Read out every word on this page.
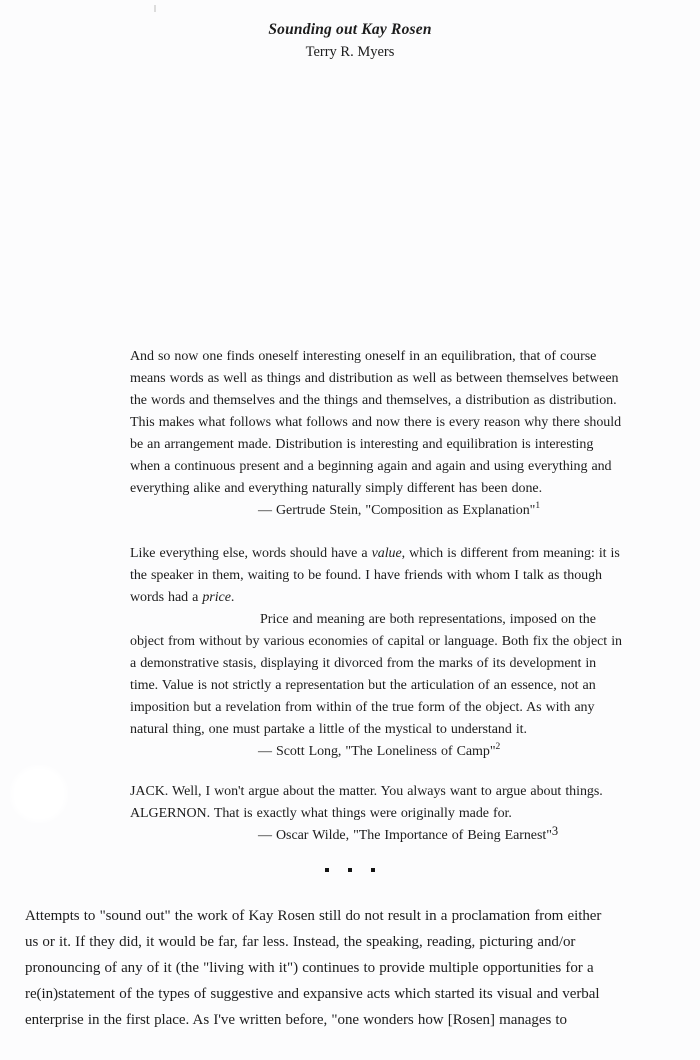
Sounding out Kay Rosen
Terry R. Myers
And so now one finds oneself interesting oneself in an equilibration, that of course
means words as well as things and distribution as well as between themselves between
the words and themselves and the things and themselves, a distribution as distribution.
This makes what follows what follows and now there is every reason why there should
be an arrangement made. Distribution is interesting and equilibration is interesting
when a continuous present and a beginning again and again and using everything and
everything alike and everything naturally simply different has been done.
— Gertrude Stein, "Composition as Explanation"$^1$
Like everything else, words should have a value, which is different from meaning: it is
the speaker in them, waiting to be found. I have friends with whom I talk as though
words had a price.
Price and meaning are both representations, imposed on the
object from without by various economies of capital or language. Both fix the object in
a demonstrative stasis, displaying it divorced from the marks of its development in
time. Value is not strictly a representation but the articulation of an essence, not an
imposition but a revelation from within of the true form of the object. As with any
natural thing, one must partake a little of the mystical to understand it.
— Scott Long, "The Loneliness of Camp"$^2$
JACK. Well, I won't argue about the matter. You always want to argue about things.
ALGERNON. That is exactly what things were originally made for.
— Oscar Wilde, "The Importance of Being Earnest"3
Attempts to "sound out" the work of Kay Rosen still do not result in a proclamation from either
us or it. If they did, it would be far, far less. Instead, the speaking, reading, picturing and/or
pronouncing of any of it (the "living with it") continues to provide multiple opportunities for a
re(in)statement of the types of suggestive and expansive acts which started its visual and verbal
enterprise in the first place. As I've written before, "one wonders how [Rosen] manages to
